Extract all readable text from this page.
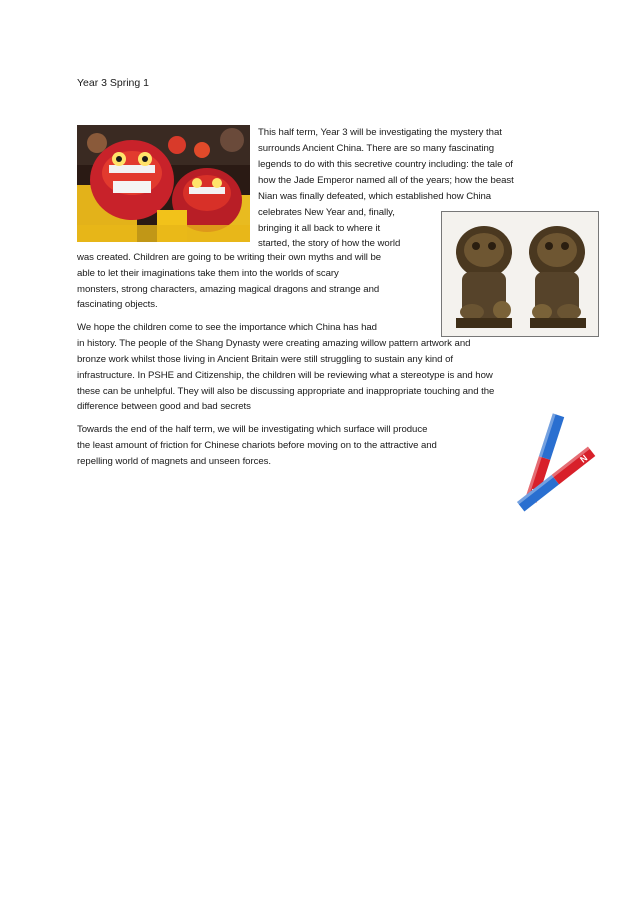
Year 3 Spring 1
This half term, Year 3 will be investigating the mystery that
surrounds Ancient China. There are so many fascinating
legends to do with this secretive country including: the tale of
how the Jade Emperor named all of the years; how the beast
Nian was finally defeated, which established how China
celebrates New Year and, finally,
bringing it all back to where it
started, the story of how the world
was created. Children are going to be writing their own myths and will be
able to let their imaginations take them into the worlds of scary
monsters, strong characters, amazing magical dragons and strange and
fascinating objects.
We hope the children come to see the importance which China has had
in history. The people of the Shang Dynasty were creating amazing willow pattern artwork and
bronze work whilst those living in Ancient Britain were still struggling to sustain any kind of
infrastructure. In PSHE and Citizenship, the children will be reviewing what a stereotype is and how
these can be unhelpful. They will also be discussing appropriate and inappropriate touching and the
difference between good and bad secrets
Towards the end of the half term, we will be investigating which surface will produce
the least amount of friction for Chinese chariots before moving on to the attractive and
repelling world of magnets and unseen forces.	N
